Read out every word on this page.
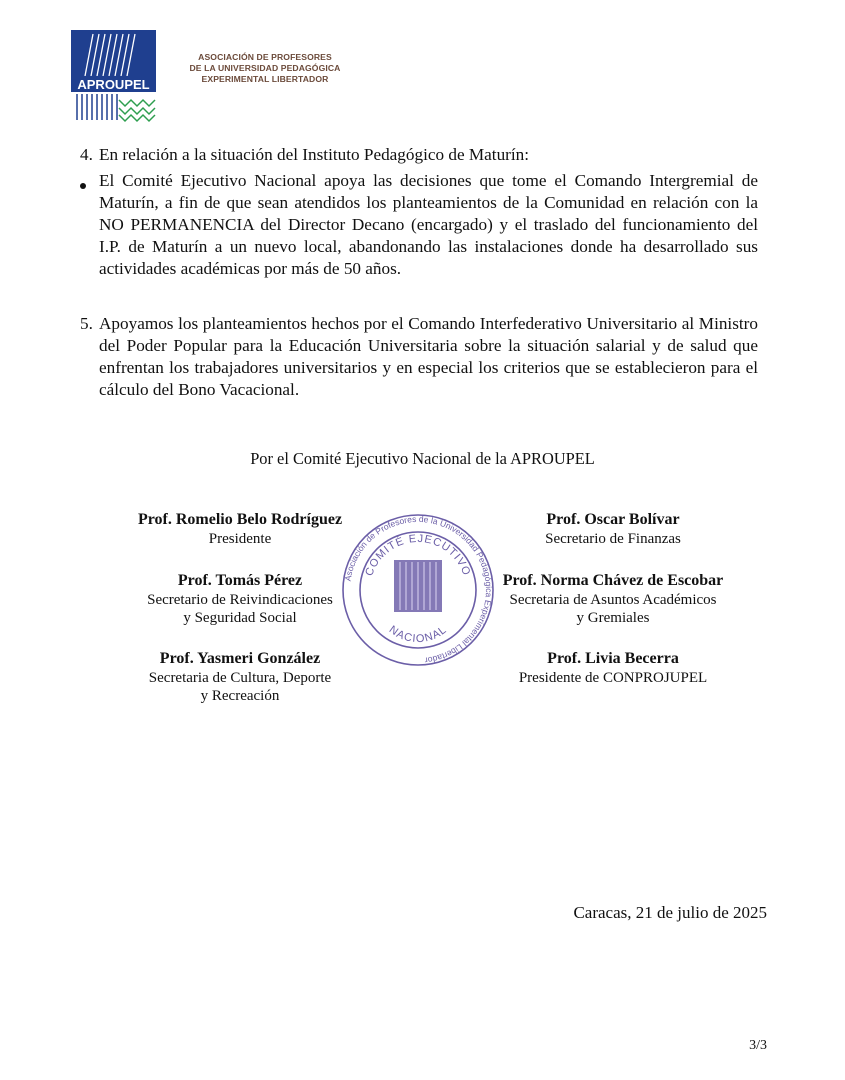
APROUPEL
ASOCIACIÓN DE PROFESORES
DE LA UNIVERSIDAD PEDAGÓGICA
EXPERIMENTAL LIBERTADOR
4. En relación a la situación del Instituto Pedagógico de Maturín:
El Comité Ejecutivo Nacional apoya las decisiones que tome el Comando Intergremial de Maturín, a fin de que sean atendidos los planteamientos de la Comunidad en relación con la NO PERMANENCIA del Director Decano (encargado) y el traslado del funcionamiento del I.P. de Maturín a un nuevo local, abandonando las instalaciones donde ha desarrollado sus actividades académicas por más de 50 años.
5. Apoyamos los planteamientos hechos por el Comando Interfederativo Universitario al Ministro del Poder Popular para la Educación Universitaria sobre la situación salarial y de salud que enfrentan los trabajadores universitarios y en especial los criterios que se establecieron para el cálculo del Bono Vacacional.
Por el Comité Ejecutivo Nacional de la APROUPEL
Asociación de Profesores de la Universidad Pedagógica Experimental Libertador
COMITÉ EJECUTIVO
NACIONAL
Prof. Romelio Belo Rodríguez
Presidente
Prof. Oscar Bolívar
Secretario de Finanzas
Prof. Tomás Pérez
Secretario de Reivindicaciones
y Seguridad Social
Prof. Norma Chávez de Escobar
Secretaria de Asuntos Académicos
y Gremiales
Prof. Yasmeri González
Secretaria de Cultura, Deporte
y Recreación
Prof. Livia Becerra
Presidente de CONPROJUPEL
Caracas, 21 de julio de 2025
3/3
